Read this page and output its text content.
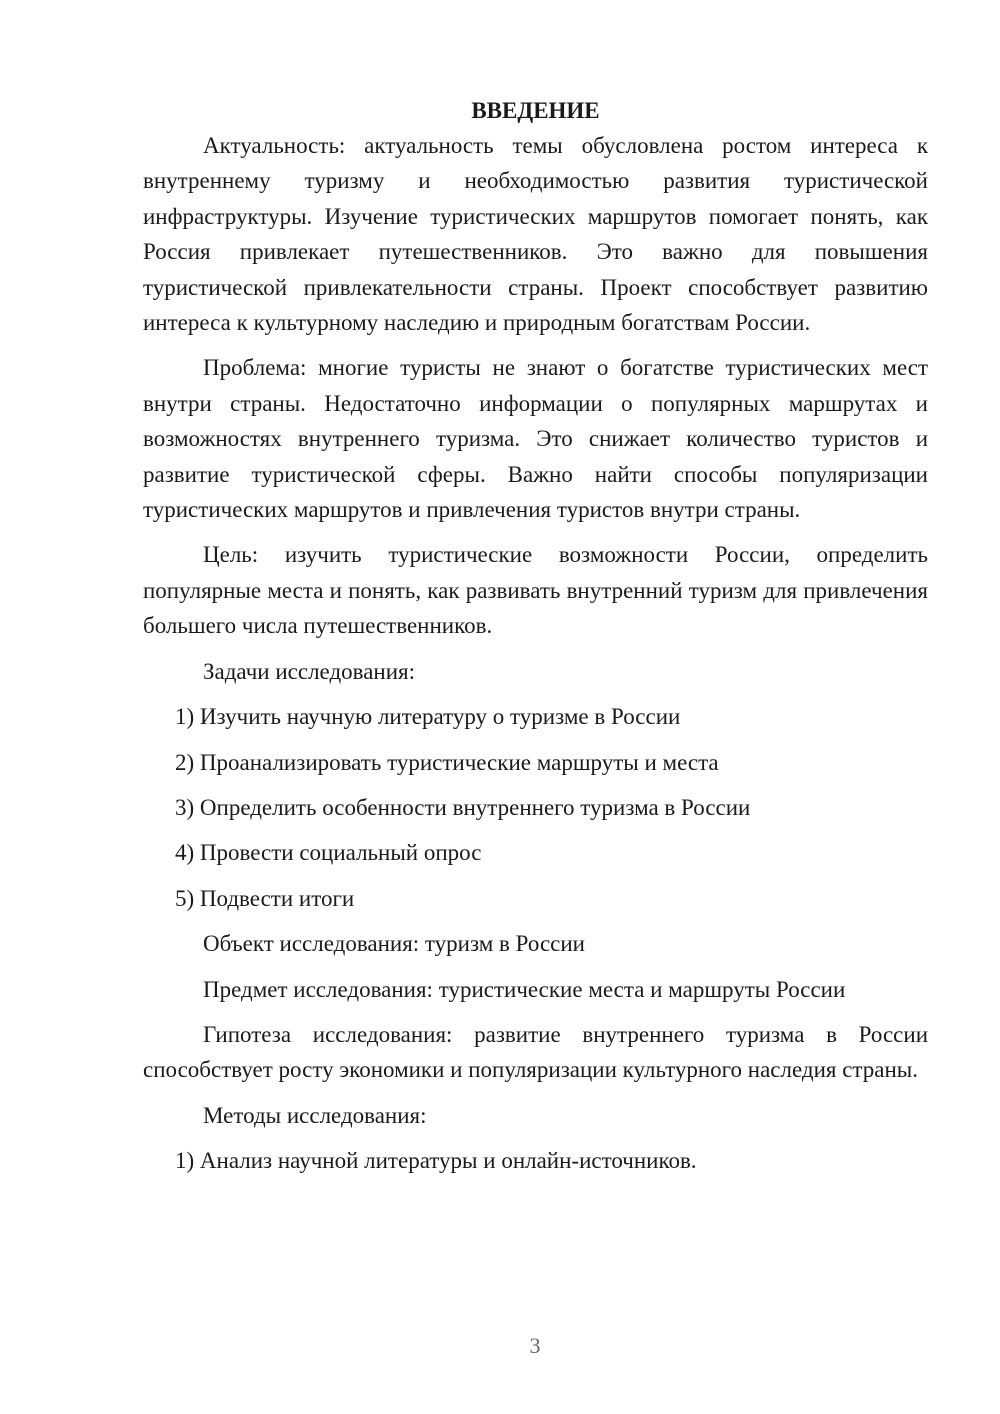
ВВЕДЕНИЕ

Актуальность: актуальность темы обусловлена ростом интереса к внутреннему туризму и необходимостью развития туристической инфраструктуры. Изучение туристических маршрутов помогает понять, как Россия привлекает путешественников. Это важно для повышения туристической привлекательности страны. Проект способствует развитию интереса к культурному наследию и природным богатствам России.

Проблема: многие туристы не знают о богатстве туристических мест внутри страны. Недостаточно информации о популярных маршрутах и возможностях внутреннего туризма. Это снижает количество туристов и развитие туристической сферы. Важно найти способы популяризации туристических маршрутов и привлечения туристов внутри страны.

Цель: изучить туристические возможности России, определить популярные места и понять, как развивать внутренний туризм для привлечения большего числа путешественников.

Задачи исследования:

1) Изучить научную литературу о туризме в России

2) Проанализировать туристические маршруты и места

3) Определить особенности внутреннего туризма в России

4) Провести социальный опрос

5) Подвести итоги

Объект исследования: туризм в России

Предмет исследования: туристические места и маршруты России

Гипотеза исследования: развитие внутреннего туризма в России способствует росту экономики и популяризации культурного наследия страны.

Методы исследования:

1) Анализ научной литературы и онлайн-источников.

3
